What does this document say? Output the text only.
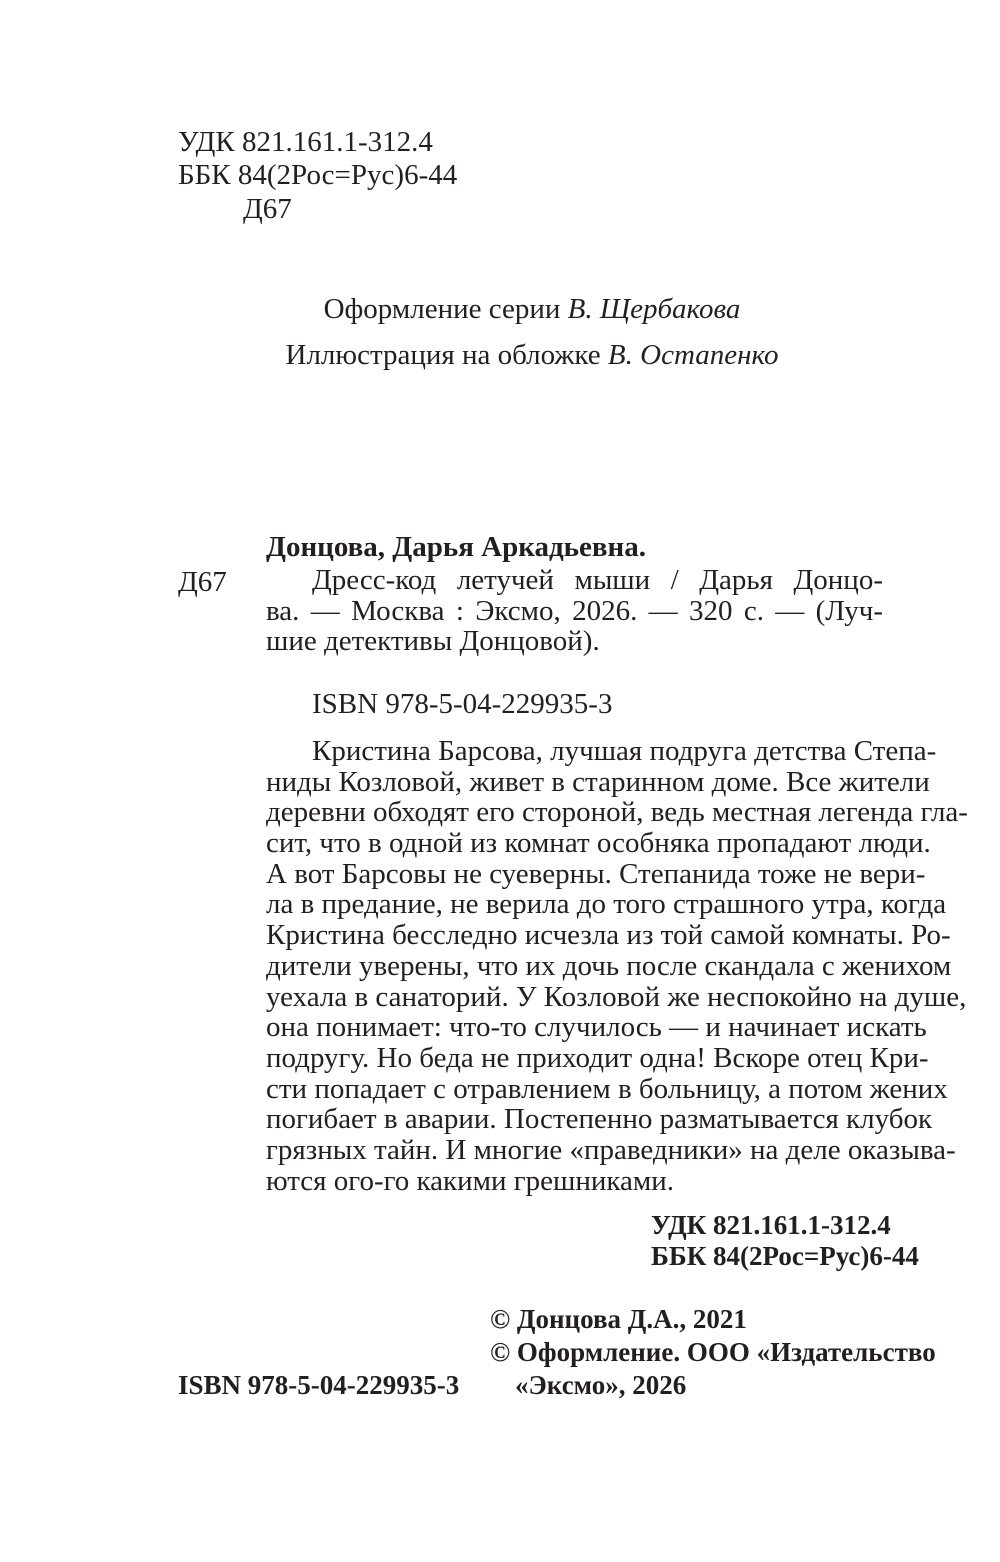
УДК 821.161.1-312.4
ББК 84(2Рос=Рус)6-44
Д67
Оформление серии В. Щербакова
Иллюстрация на обложке В. Остапенко
Донцова, Дарья Аркадьевна.
Д67	Дресс-код летучей мыши / Дарья Донцо-
ва. — Москва : Эксмо, 2026. — 320 с. — (Луч-
шие детективы Донцовой).
ISBN 978-5-04-229935-3
Кристина Барсова, лучшая подруга детства Степа-
ниды Козловой, живет в старинном доме. Все жители
деревни обходят его стороной, ведь местная легенда гла-
сит, что в одной из комнат особняка пропадают люди.
А вот Барсовы не суеверны. Степанида тоже не вери-
ла в предание, не верила до того страшного утра, когда
Кристина бесследно исчезла из той самой комнаты. Ро-
дители уверены, что их дочь после скандала с женихом
уехала в санаторий. У Козловой же неспокойно на душе,
она понимает: что-то случилось — и начинает искать
подругу. Но беда не приходит одна! Вскоре отец Кри-
сти попадает с отравлением в больницу, а потом жених
погибает в аварии. Постепенно разматывается клубок
грязных тайн. И многие «праведники» на деле оказыва-
ются ого-го какими грешниками.
УДК 821.161.1-312.4
ББК 84(2Рос=Рус)6-44
© Донцова Д.А., 2021
© Оформление. ООО «Издательство
«Эксмо», 2026
ISBN 978-5-04-229935-3
